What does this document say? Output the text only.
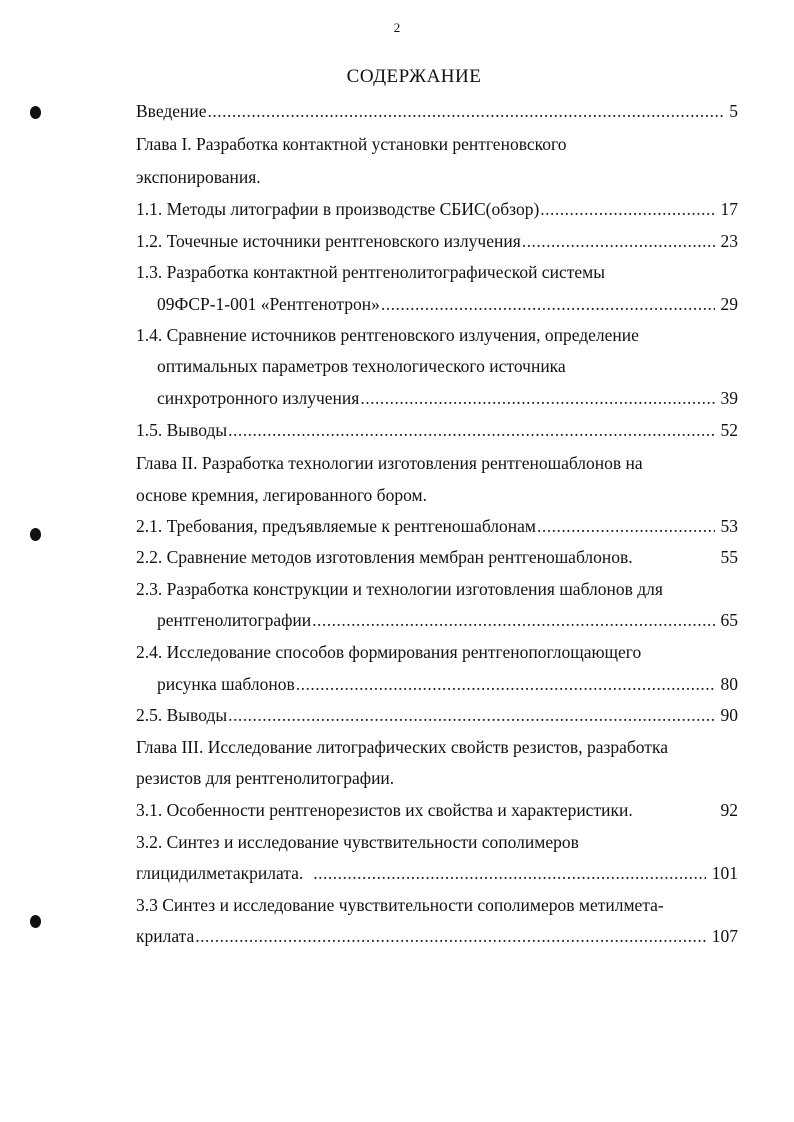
2
СОДЕРЖАНИЕ
Введение .....	5
Глава I. Разработка контактной установки рентгеновского
экспонирования.
1.1. Методы литографии в производстве СБИС(обзор) .....	17
1.2. Точечные источники рентгеновского излучения .....	23
1.3. Разработка контактной рентгенолитографической системы
09ФСР-1-001 «Рентгенотрон» .....	29
1.4. Сравнение источников рентгеновского излучения, определение
оптимальных параметров технологического источника
синхротронного излучения .....	39
1.5. Выводы .....	52
Глава II. Разработка технологии изготовления рентгеношаблонов на
основе кремния, легированного бором.
2.1. Требования, предъявляемые к рентгеношаблонам .....	53
2.2. Сравнение методов изготовления мембран рентгеношаблонов.	55
2.3. Разработка конструкции и технологии изготовления шаблонов для
рентгенолитографии .....	65
2.4. Исследование способов формирования рентгенопоглощающего
рисунка шаблонов .....	80
2.5. Выводы .....	90
Глава III. Исследование литографических свойств резистов, разработка
резистов для рентгенолитографии.
3.1. Особенности рентгенорезистов их свойства и характеристики.	92
3.2. Синтез и исследование чувствительности сополимеров
глицидилметакрилата. .....	101
3.3 Синтез и исследование чувствительности сополимеров метилмета-
крилата .....	107
